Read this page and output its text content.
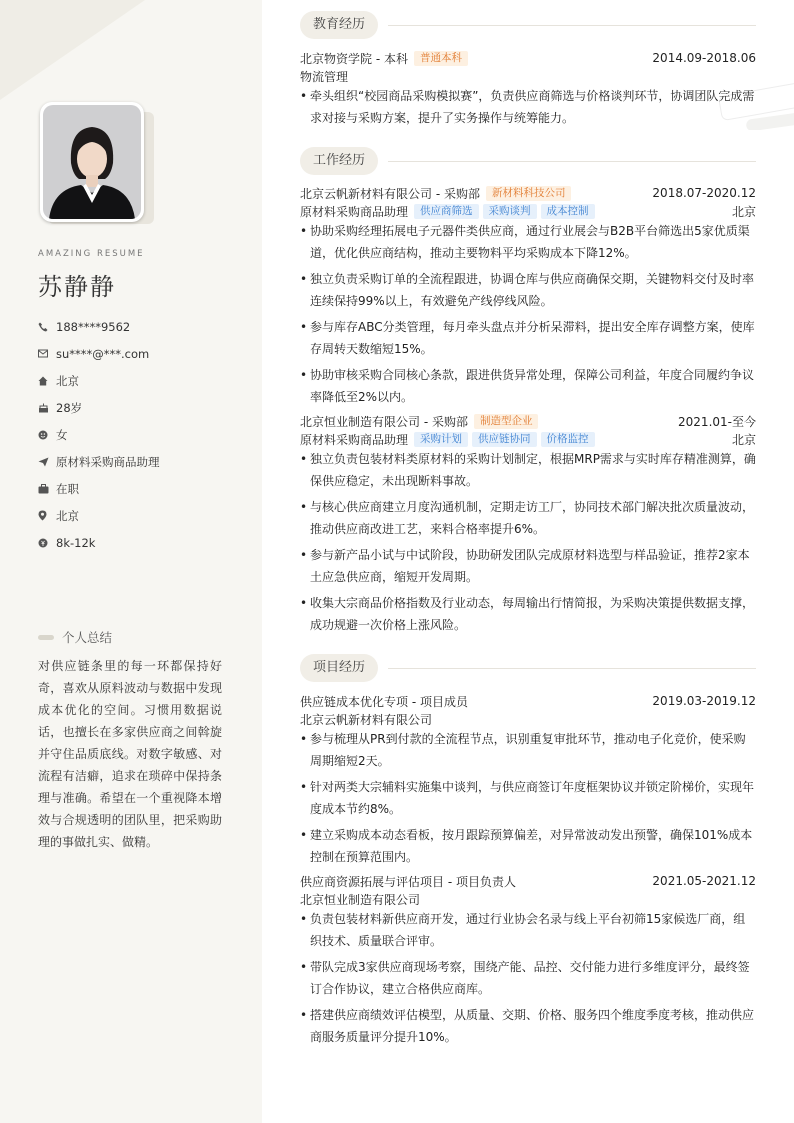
AMAZING RESUME
苏静静
188****9562
su****@***.com
北京
28岁
女
原材料采购商品助理
在职
北京
8k-12k
个人总结
对供应链条里的每一环都保持好奇，喜欢从原料波动与数据中发现成本优化的空间。习惯用数据说话，也擅长在多家供应商之间斡旋并守住品质底线。对数字敏感、对流程有洁癖，追求在琐碎中保持条理与准确。希望在一个重视降本增效与合规透明的团队里，把采购助理的事做扎实、做精。
教育经历
北京物资学院 - 本科	普通本科	2014.09-2018.06
物流管理
• 牵头组织“校园商品采购模拟赛”，负责供应商筛选与价格谈判环节，协调团队完成需求对接与采购方案，提升了实务操作与统筹能力。
工作经历
北京云帆新材料有限公司 - 采购部	新材料科技公司	2018.07-2020.12
原材料采购商品助理	供应商筛选	采购谈判	成本控制	北京
• 协助采购经理拓展电子元器件类供应商，通过行业展会与B2B平台筛选出5家优质渠道，优化供应商结构，推动主要物料平均采购成本下降12%。
• 独立负责采购订单的全流程跟进，协调仓库与供应商确保交期，关键物料交付及时率连续保持99%以上，有效避免产线停线风险。
• 参与库存ABC分类管理，每月牵头盘点并分析呆滞料，提出安全库存调整方案，使库存周转天数缩短15%。
• 协助审核采购合同核心条款，跟进供货异常处理，保障公司利益，年度合同履约争议率降低至2%以内。
北京恒业制造有限公司 - 采购部	制造型企业	2021.01-至今
原材料采购商品助理	采购计划	供应链协同	价格监控	北京
• 独立负责包装材料类原材料的采购计划制定，根据MRP需求与实时库存精准测算，确保供应稳定，未出现断料事故。
• 与核心供应商建立月度沟通机制，定期走访工厂，协同技术部门解决批次质量波动，推动供应商改进工艺，来料合格率提升6%。
• 参与新产品小试与中试阶段，协助研发团队完成原材料选型与样品验证，推荐2家本土应急供应商，缩短开发周期。
• 收集大宗商品价格指数及行业动态，每周输出行情简报，为采购决策提供数据支撑，成功规避一次价格上涨风险。
项目经历
供应链成本优化专项 - 项目成员	2019.03-2019.12
北京云帆新材料有限公司
• 参与梳理从PR到付款的全流程节点，识别重复审批环节，推动电子化竞价，使采购周期缩短2天。
• 针对两类大宗辅料实施集中谈判，与供应商签订年度框架协议并锁定阶梯价，实现年度成本节约8%。
• 建立采购成本动态看板，按月跟踪预算偏差，对异常波动发出预警，确保101%成本控制在预算范围内。
供应商资源拓展与评估项目 - 项目负责人	2021.05-2021.12
北京恒业制造有限公司
• 负责包装材料新供应商开发，通过行业协会名录与线上平台初筛15家候选厂商，组织技术、质量联合评审。
• 带队完成3家供应商现场考察，围绕产能、品控、交付能力进行多维度评分，最终签订合作协议，建立合格供应商库。
• 搭建供应商绩效评估模型，从质量、交期、价格、服务四个维度季度考核，推动供应商服务质量评分提升10%。
